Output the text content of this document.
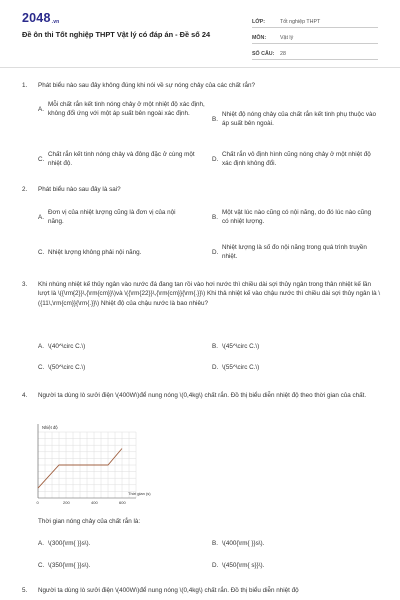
2048.vn
Đề ôn thi Tốt nghiệp THPT Vật lý có đáp án - Đề số 24
LỚP:	Tốt nghiệp THPT
MÔN:	Vật lý
SỐ CÂU:	28
1.	Phát biểu nào sau đây không đúng khi nói về sự nóng chảy của các chất rắn?
A.
Mỗi chất rắn kết tinh nóng chảy ở một nhiệt độ xác định, không đổi ứng với một áp suất bên ngoài xác định.
B.
Nhiệt độ nóng chảy của chất rắn kết tinh phụ thuộc vào áp suất bên ngoài.
C.
Chất rắn kết tinh nóng chảy và đông đặc ở cùng một nhiệt độ.
D.
Chất rắn vô định hình cũng nóng chảy ở một nhiệt độ xác định không đổi.
2.	Phát biểu nào sau đây là sai?
A.
Đơn vị của nhiệt lượng cũng là đơn vị của nội năng.
B.
Một vật lúc nào cũng có nội năng, do đó lúc nào cũng có nhiệt lượng.
C. Nhiệt lượng không phải nội năng.	D.
Nhiệt lượng là số đo nội năng trong quá trình truyền nhiệt.
3.	Khi nhúng nhiệt kế thủy ngân vào nước đá đang tan rồi vào hơi nước thì chiều dài sợi thủy ngân trong thân nhiệt kế lần lượt là \({\rm{2}}\,{\rm{cm}}\)và \({\rm{22}}\,{\rm{cm}}{\rm{.}}\) Khi thả nhiệt kế vào chậu nước thì chiều dài sợi thủy ngân là \({11\,\rm{cm}}{\rm{.}}\) Nhiệt độ của chậu nước là bao nhiêu?
A. \(40^\circ C.\)	B. \(45^\circ C.\)
C. \(50^\circ C.\)	D. \(55^\circ C.\)
4.	Người ta dùng lò sưởi điện \(400W\)để nung nóng \(0,4kg\) chất rắn. Đồ thị biểu diễn nhiệt độ theo thời gian của chất.
Nhiệt độ
Thời gian (s)
0	200	400	600
Thời gian nóng chảy của chất rắn là:
A. \(300{\rm{ }}s\).	B. \(400{\rm{ }}s\).
C. \(350{\rm{ }}s\).	D. \(450{\rm{ s}}\).
5.	Người ta dùng lò sưởi điện \(400W\)để nung nóng \(0,4kg\) chất rắn. Đồ thị biểu diễn nhiệt độ
